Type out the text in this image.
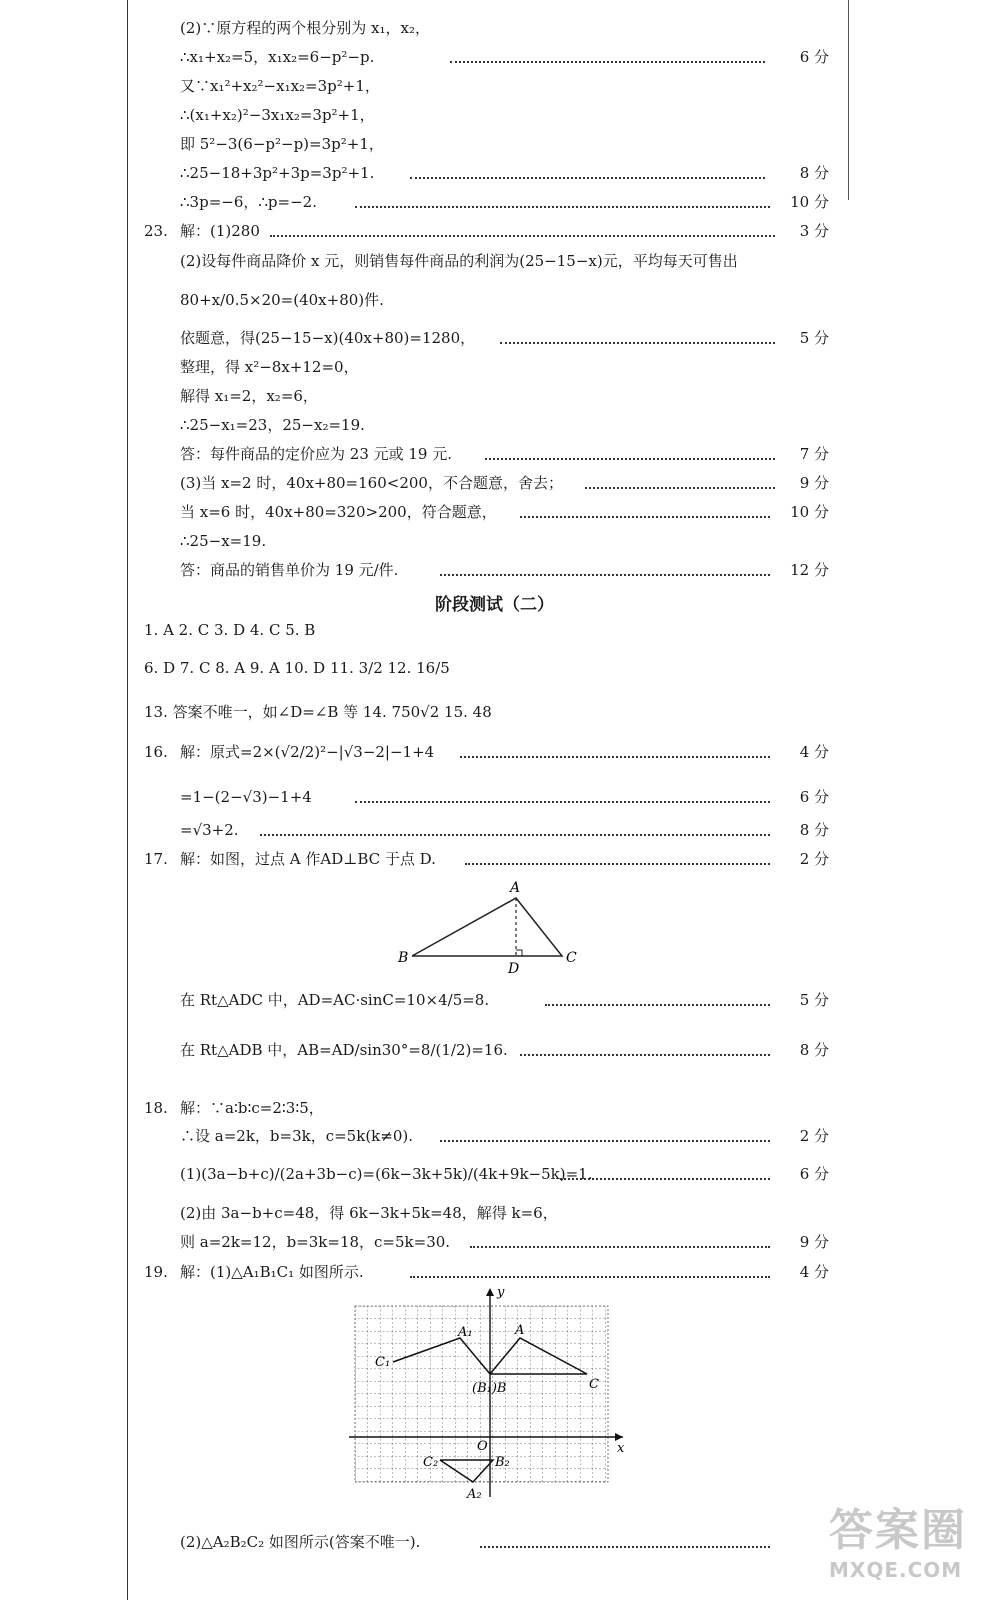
(2)∵原方程的两个根分别为 x₁，x₂，
∴x₁+x₂=5，x₁x₂=6−p²−p.	6 分
又∵x₁²+x₂²−x₁x₂=3p²+1，
∴(x₁+x₂)²−3x₁x₂=3p²+1，
即 5²−3(6−p²−p)=3p²+1，
∴25−18+3p²+3p=3p²+1.	8 分
∴3p=−6，∴p=−2.	10 分
23. 解：(1)280	3 分
(2)设每件商品降价 x 元，则销售每件商品的利润为(25−15−x)元，平均每天可售出
80+x/0.5×20=(40x+80)件.
依题意，得(25−15−x)(40x+80)=1280，	5 分
整理，得 x²−8x+12=0，
解得 x₁=2，x₂=6，
∴25−x₁=23，25−x₂=19.
答：每件商品的定价应为 23 元或 19 元.	7 分
(3)当 x=2 时，40x+80=160<200，不合题意，舍去；	9 分
当 x=6 时，40x+80=320>200，符合题意，	10 分
∴25−x=19.
答：商品的销售单价为 19 元/件.	12 分
阶段测试（二）
1. A 2. C 3. D 4. C 5. B
6. D 7. C 8. A 9. A 10. D 11. 3/2 12. 16/5
13. 答案不唯一，如∠D=∠B 等 14. 750√2 15. 48
16. 解：原式=2×(√2/2)²−|√3−2|−1+4	4 分
=1−(2−√3)−1+4	6 分
=√3+2.	8 分
17. 解：如图，过点 A 作AD⊥BC 于点 D.	2 分
A
B	C
D
在 Rt△ADC 中，AD=AC·sinC=10×4/5=8.	5 分
在 Rt△ADB 中，AB=AD/sin30°=8/(1/2)=16.	8 分
18. 解：∵a∶b∶c=2∶3∶5，
∴设 a=2k，b=3k，c=5k(k≠0).	2 分
(1)(3a−b+c)/(2a+3b−c)=(6k−3k+5k)/(4k+9k−5k)=1.	6 分
(2)由 3a−b+c=48，得 6k−3k+5k=48，解得 k=6，
则 a=2k=12，b=3k=18，c=5k=30.	9 分
19. 解：(1)△A₁B₁C₁ 如图所示.	4 分
y
x
O
A
A₁
C₁
(B₁)B	C
C₂	B₂
A₂
(2)△A₂B₂C₂ 如图所示(答案不唯一).	答案圈
MXQE.COM
